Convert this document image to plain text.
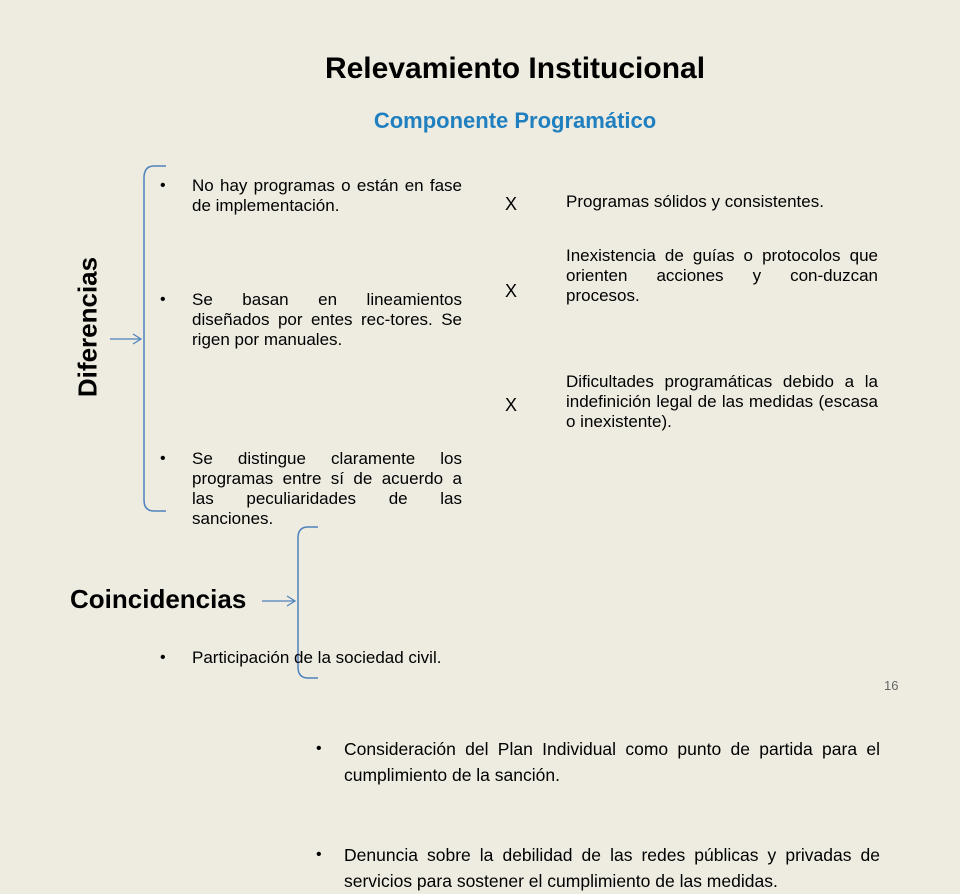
Relevamiento Institucional
Componente Programático
Diferencias
• No hay programas o están en fase de implementación.
• Se basan en lineamientos diseñados por entes rec-tores. Se rigen por manuales.
• Se distingue claramente los programas entre sí de acuerdo a las peculiaridades de las sanciones.
• Participación de la sociedad civil.
X
X
X
Programas sólidos y consistentes.
Inexistencia de guías o protocolos que orienten acciones y con-duzcan procesos.
Dificultades programáticas debido a la indefinición legal de las medidas (escasa o inexistente).
Coincidencias
• Consideración del Plan Individual como punto de partida para el cumplimiento de la sanción.
• Denuncia sobre la debilidad de las redes públicas y privadas de servicios para sostener el cumplimiento de las medidas.
16
